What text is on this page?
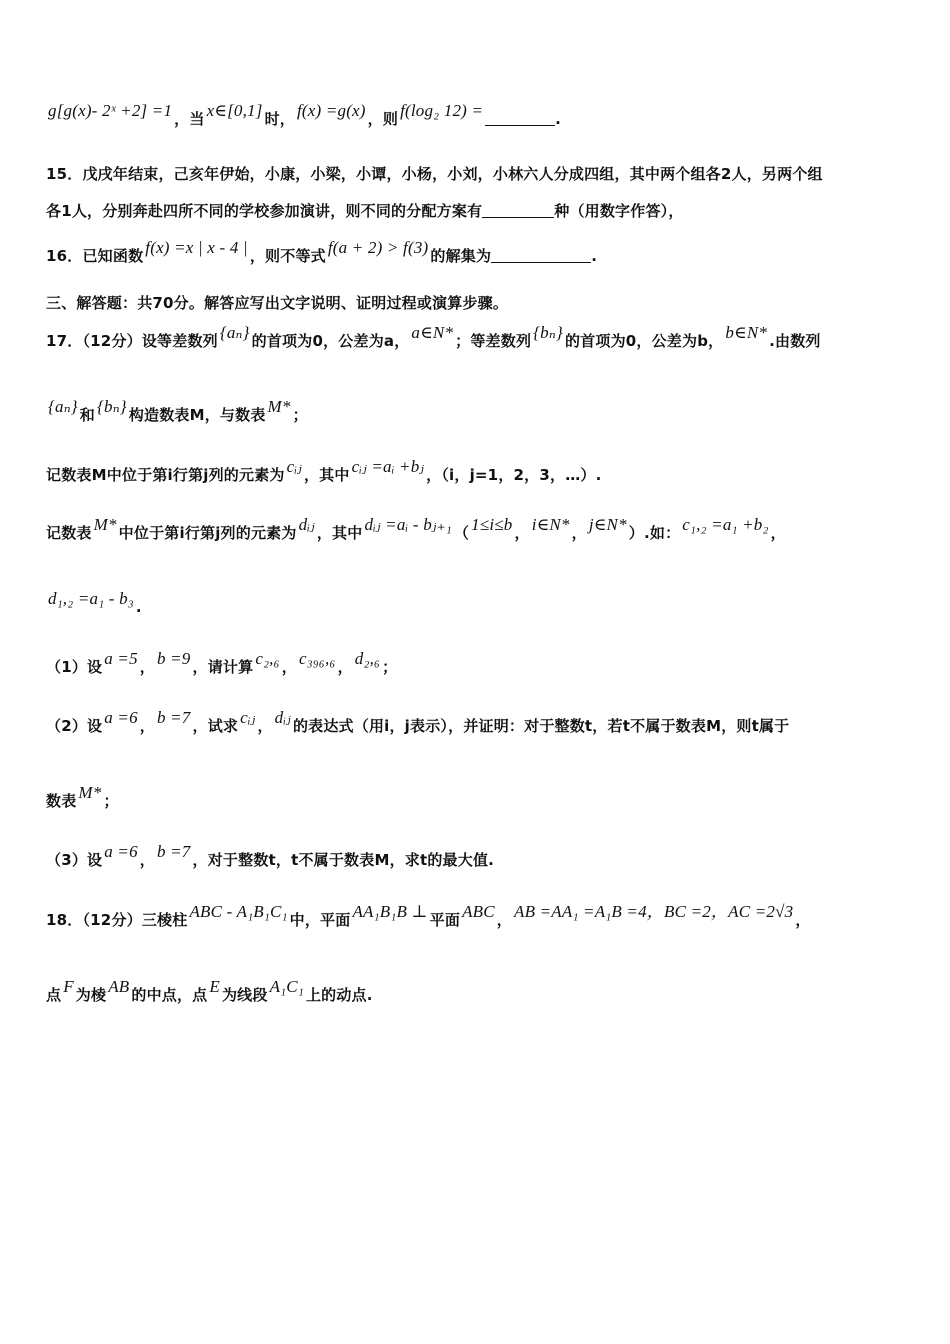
g[g(x)- 2ˣ +2] =1 ，当 x∈[0,1] 时， f(x) =g(x) ，则 f(log₂ 12) =	.
15．戊戌年结束，己亥年伊始，小康，小梁，小谭，小杨，小刘，小林六人分成四组，其中两个组各2人，另两个组
各1人，分别奔赴四所不同的学校参加演讲，则不同的分配方案有	种（用数字作答），
16．已知函数 f(x) =x | x - 4 | ，则不等式 f(a + 2) > f(3) 的解集为	.
三、解答题：共70分。解答应写出文字说明、证明过程或演算步骤。
17．（12分）设等差数列 {aₙ} 的首项为0，公差为a， a∈N* ；等差数列 {bₙ} 的首项为0，公差为b， b∈N* .由数列
{aₙ} 和 {bₙ} 构造数表M，与数表 M* ；
记数表M中位于第i行第j列的元素为 cᵢⱼ ，其中 cᵢⱼ =aᵢ +bⱼ ，（i，j=1，2，3，…）.
记数表 M* 中位于第i行第j列的元素为 dᵢⱼ ，其中 dᵢⱼ =aᵢ - bⱼ₊₁ （ 1≤i≤b ， i∈N* ， j∈N* ）.如： c₁,₂ =a₁ +b₂ ，
d₁,₂ =a₁ - b₃ .
（1）设 a =5 ， b =9 ，请计算 c₂,₆ ， c₃₉₆,₆ ， d₂,₆ ；
（2）设 a =6 ， b =7 ，试求 cᵢⱼ ， dᵢⱼ 的表达式（用i，j表示），并证明：对于整数t，若t不属于数表M，则t属于
数表 M* ；
（3）设 a =6 ， b =7 ，对于整数t，t不属于数表M，求t的最大值.
18．（12分）三棱柱 ABC - A₁B₁C₁ 中，平面 AA₁B₁B ⊥ 平面 ABC ， AB =AA₁ =A₁B =4，BC =2，AC =2√3 ，
点 F 为棱 AB 的中点，点 E 为线段 A₁C₁ 上的动点.
